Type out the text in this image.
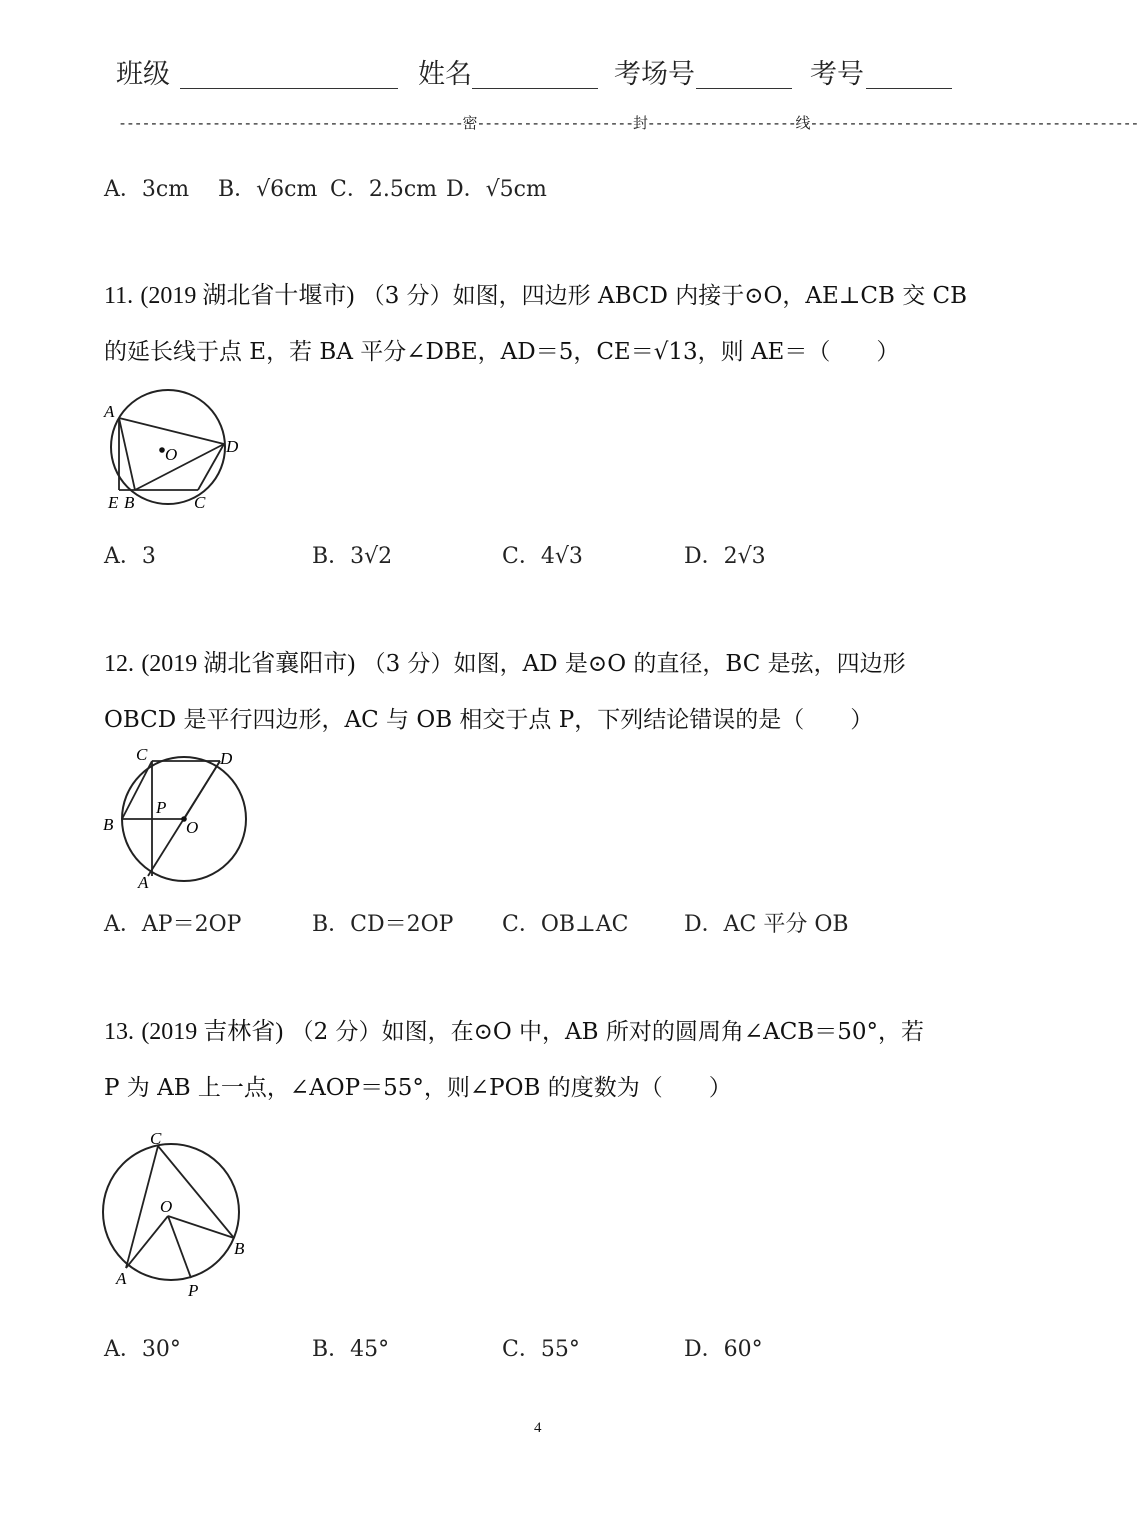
班级	姓名	考场号	考号
--------------------------------------------密--------------------封-------------------线------------------------------------------
A．3cm B．√6cm C．2.5cm D．√5cm
11. (2019 湖北省十堰市) （3 分）如图，四边形 ABCD 内接于⊙O，AE⊥CB 交 CB
的延长线于点 E，若 BA 平分∠DBE，AD＝5，CE＝√13，则 AE＝（　　）
A
O	D
E B	C
A．3	B．3√2	C．4√3	D．2√3
12. (2019 湖北省襄阳市) （3 分）如图，AD 是⊙O 的直径，BC 是弦，四边形
OBCD 是平行四边形，AC 与 OB 相交于点 P，下列结论错误的是（　　）
C	D
P
B	O
A
A．AP＝2OP	B．CD＝2OP C．OB⊥AC	D．AC 平分 OB
13. (2019 吉林省) （2 分）如图，在⊙O 中，AB 所对的圆周角∠ACB＝50°，若
P 为 AB 上一点，∠AOP＝55°，则∠POB 的度数为（　　）
C
O
B
A
P
A．30°	B．45°	C．55°	D．60°
4
